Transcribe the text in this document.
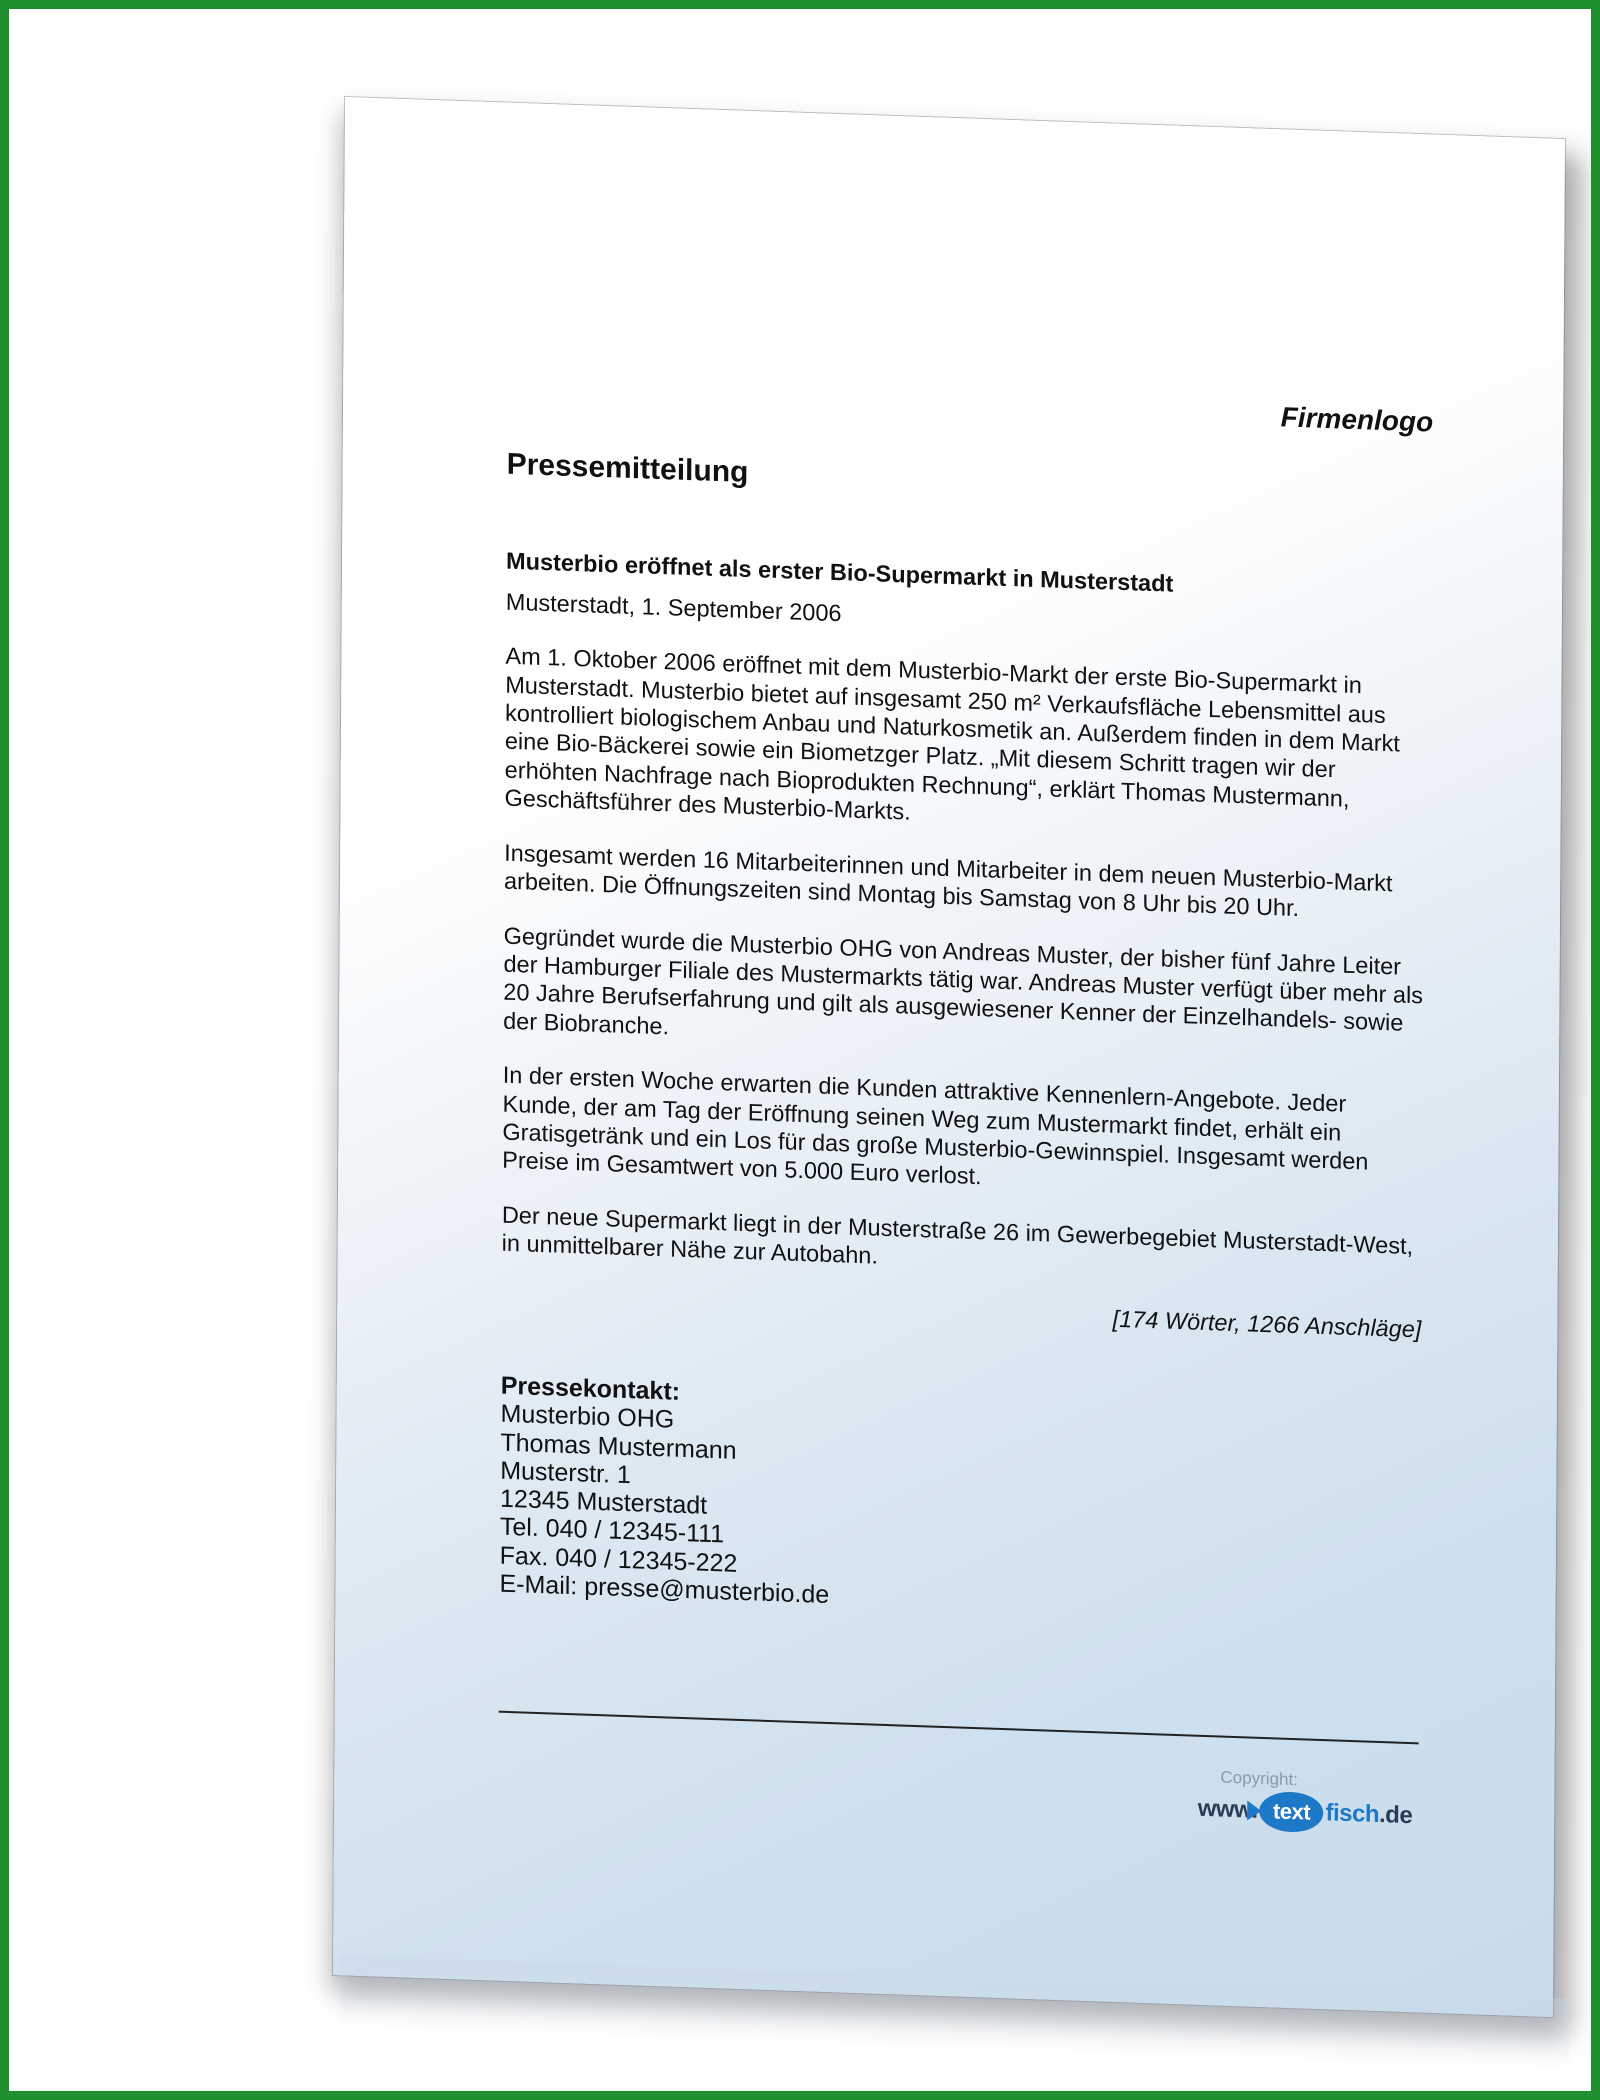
Firmenlogo
Pressemitteilung
Musterbio eröffnet als erster Bio-Supermarkt in Musterstadt
Musterstadt, 1. September 2006
Am 1. Oktober 2006 eröffnet mit dem Musterbio-Markt der erste Bio-Supermarkt in Musterstadt. Musterbio bietet auf insgesamt 250 m² Verkaufsfläche Lebensmittel aus kontrolliert biologischem Anbau und Naturkosmetik an. Außerdem finden in dem Markt eine Bio-Bäckerei sowie ein Biometzger Platz. „Mit diesem Schritt tragen wir der erhöhten Nachfrage nach Bioprodukten Rechnung“, erklärt Thomas Mustermann, Geschäftsführer des Musterbio-Markts.
Insgesamt werden 16 Mitarbeiterinnen und Mitarbeiter in dem neuen Musterbio-Markt arbeiten. Die Öffnungszeiten sind Montag bis Samstag von 8 Uhr bis 20 Uhr.
Gegründet wurde die Musterbio OHG von Andreas Muster, der bisher fünf Jahre Leiter der Hamburger Filiale des Mustermarkts tätig war. Andreas Muster verfügt über mehr als 20 Jahre Berufserfahrung und gilt als ausgewiesener Kenner der Einzelhandels- sowie der Biobranche.
In der ersten Woche erwarten die Kunden attraktive Kennenlern-Angebote. Jeder Kunde, der am Tag der Eröffnung seinen Weg zum Mustermarkt findet, erhält ein Gratisgetränk und ein Los für das große Musterbio-Gewinnspiel. Insgesamt werden Preise im Gesamtwert von 5.000 Euro verlost.
Der neue Supermarkt liegt in der Musterstraße 26 im Gewerbegebiet Musterstadt-West, in unmittelbarer Nähe zur Autobahn.
[174 Wörter, 1266 Anschläge]
Pressekontakt:
Musterbio OHG
Thomas Mustermann
Musterstr. 1
12345 Musterstadt
Tel. 040 / 12345-111
Fax. 040 / 12345-222
E-Mail: presse@musterbio.de
Copyright:
www. text fisch .de
